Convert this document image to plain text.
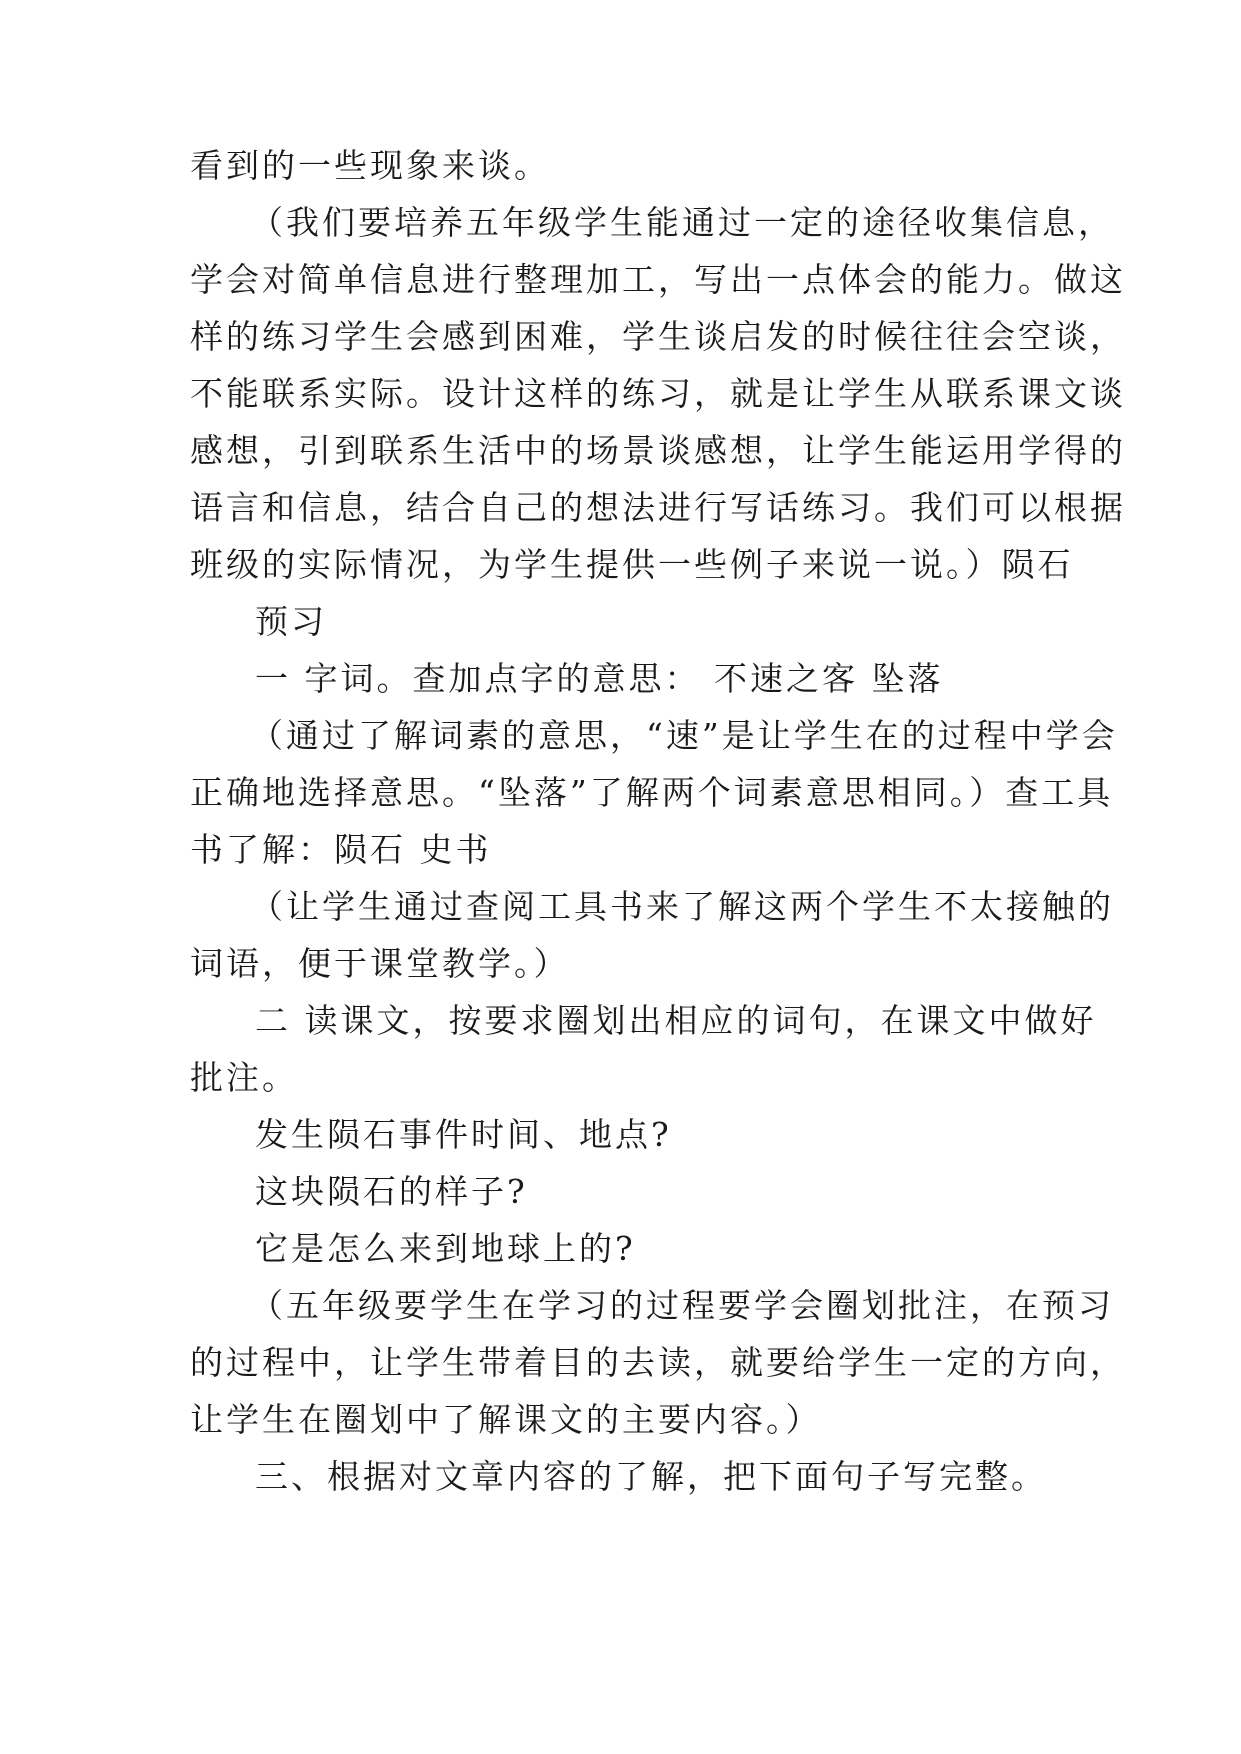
看到的一些现象来谈。
（我们要培养五年级学生能通过一定的途径收集信息，
学会对简单信息进行整理加工，写出一点体会的能力。做这
样的练习学生会感到困难，学生谈启发的时候往往会空谈，
不能联系实际。设计这样的练习，就是让学生从联系课文谈
感想，引到联系生活中的场景谈感想，让学生能运用学得的
语言和信息，结合自己的想法进行写话练习。我们可以根据
班级的实际情况，为学生提供一些例子来说一说。）陨石
预习
一 字词。查加点字的意思： 不速之客 坠落
（通过了解词素的意思，“速”是让学生在的过程中学会
正确地选择意思。“坠落”了解两个词素意思相同。）查工具
书了解：陨石 史书
（让学生通过查阅工具书来了解这两个学生不太接触的
词语，便于课堂教学。）
二 读课文，按要求圈划出相应的词句，在课文中做好
批注。
发生陨石事件时间、地点?
这块陨石的样子?
它是怎么来到地球上的?
（五年级要学生在学习的过程要学会圈划批注，在预习
的过程中，让学生带着目的去读，就要给学生一定的方向，
让学生在圈划中了解课文的主要内容。）
三、根据对文章内容的了解，把下面句子写完整。
